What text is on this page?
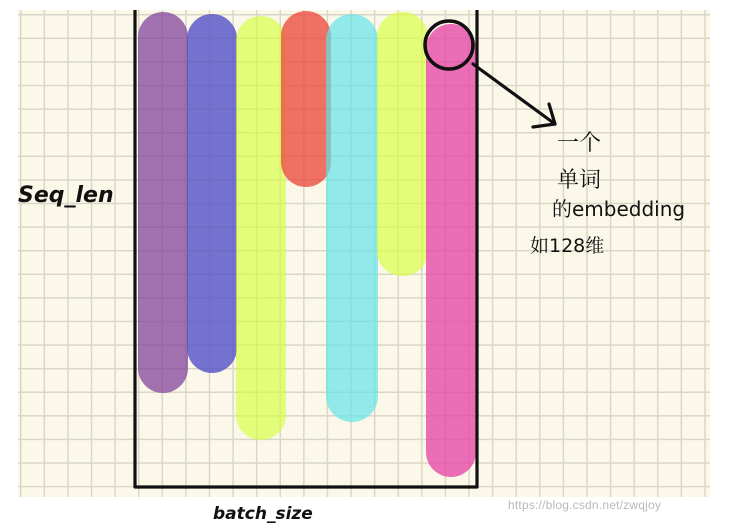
Seq_len
batch_size
一个
单词
的embedding
如128维
https://blog.csdn.net/zwqjoy
